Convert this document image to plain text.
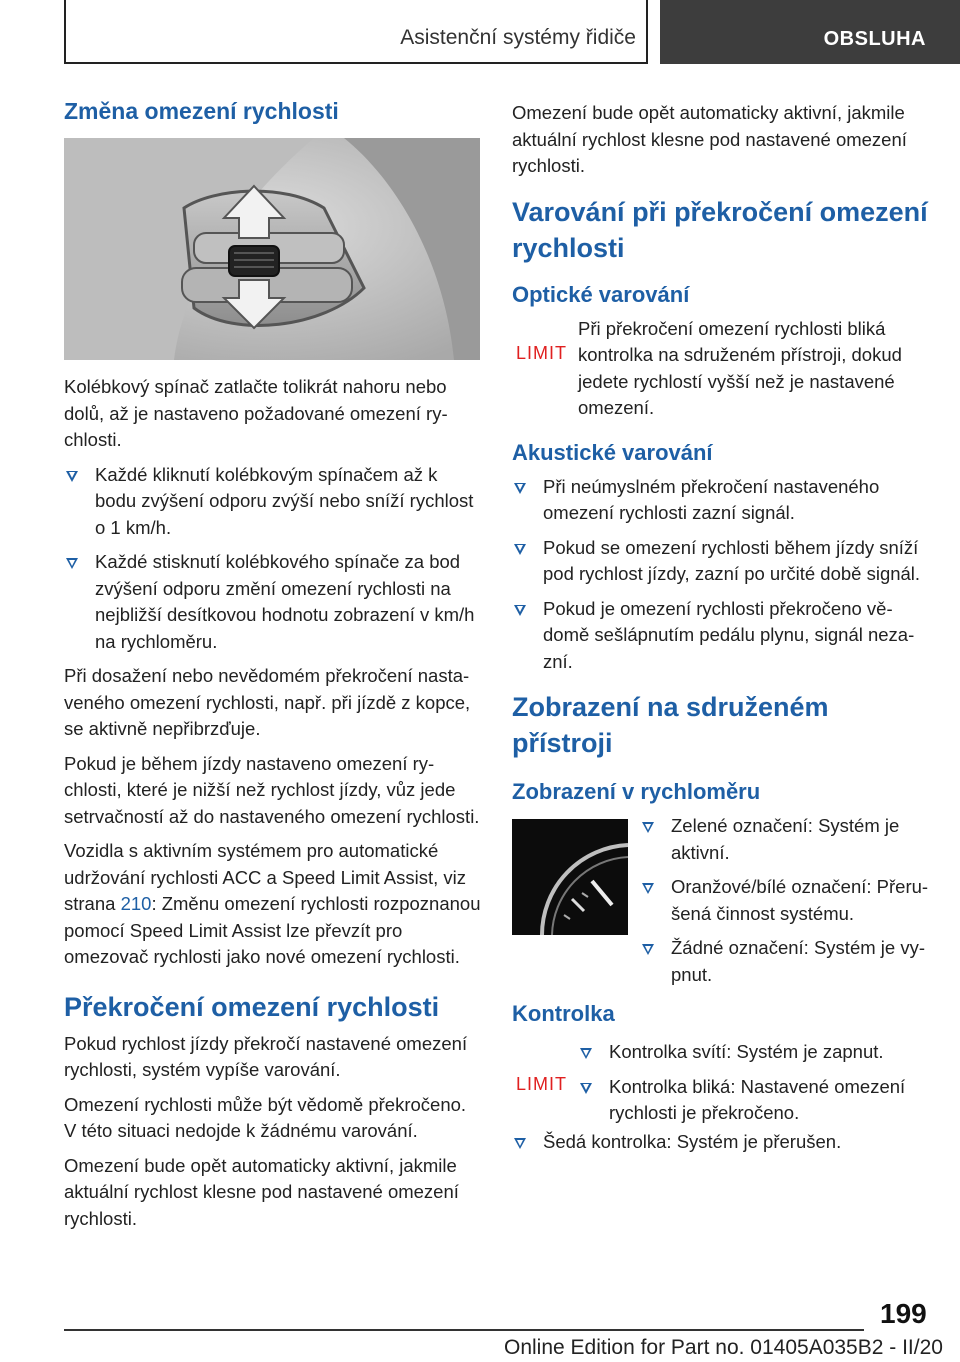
Asistenční systémy řidiče	OBSLUHA
Změna omezení rychlosti

Kolébkový spínač zatlačte tolikrát nahoru nebo dolů, až je nastaveno požadované omezení rychlosti.

Každé kliknutí kolébkovým spínačem až k bodu zvýšení odporu zvýší nebo sníží rychlost o 1 km/h.
Každé stisknutí kolébkového spínače za bod zvýšení odporu změní omezení rychlosti na nejbližší desítkovou hodnotu zobrazení v km/h na rychloměru.

Při dosažení nebo nevědomém překročení nastaveného omezení rychlosti, např. při jízdě z kopce, se aktivně nepřibrzďuje.

Pokud je během jízdy nastaveno omezení rychlosti, které je nižší než rychlost jízdy, vůz jede setrvačností až do nastaveného omezení rychlosti.

Vozidla s aktivním systémem pro automatické udržování rychlosti ACC a Speed Limit Assist, viz strana 210: Změnu omezení rychlosti rozpoznanou pomocí Speed Limit Assist lze převzít pro omezovač rychlosti jako nové omezení rychlosti.

Překročení omezení rychlosti

Pokud rychlost jízdy překročí nastavené omezení rychlosti, systém vypíše varování.

Omezení rychlosti může být vědomě překročeno. V této situaci nedojde k žádnému varování.

Omezení bude opět automaticky aktivní, jakmile aktuální rychlost klesne pod nastavené omezení rychlosti.

Omezení bude opět automaticky aktivní, jakmile aktuální rychlost klesne pod nastavené omezení rychlosti.

Varování při překročení omezení rychlosti
Optické varování
LIMIT
Při překročení omezení rychlosti bliká kontrolka na sdruženém přístroji, dokud jedete rychlostí vyšší než je nastavené omezení.
Akustické varování
Při neúmyslném překročení nastaveného omezení rychlosti zazní signál.
Pokud se omezení rychlosti během jízdy sníží pod rychlost jízdy, zazní po určité době signál.
Pokud je omezení rychlosti překročeno vědomě sešlápnutím pedálu plynu, signál nezazní.
Zobrazení na sdruženém přístroji
Zobrazení v rychloměru
Zelené označení: Systém je aktivní.
Oranžové/bílé označení: Přerušená činnost systému.
Žádné označení: Systém je vypnut.
Kontrolka
LIMIT
Kontrolka svítí: Systém je zapnut.
Kontrolka bliká: Nastavené omezení rychlosti je překročeno.
Šedá kontrolka: Systém je přerušen.
199
Online Edition for Part no. 01405A035B2 - II/20
